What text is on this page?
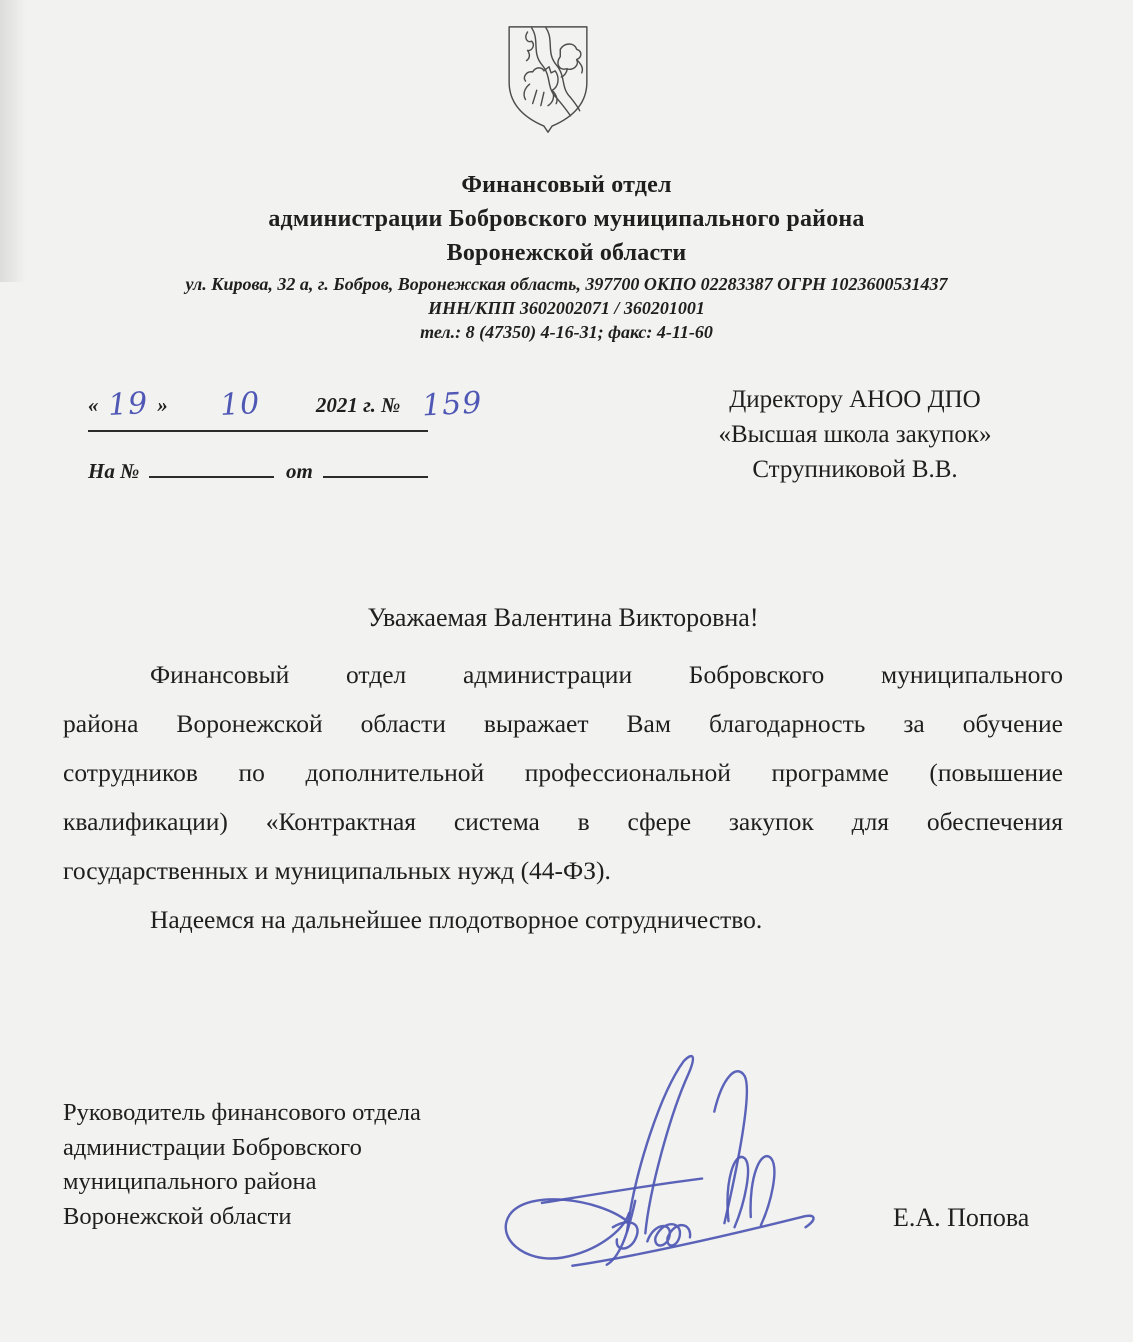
Финансовый отдел
администрации Бобровского муниципального района
Воронежской области
ул. Кирова, 32 а, г. Бобров, Воронежская область, 397700 ОКПО 02283387 ОГРН 1023600531437
ИНН/КПП 3602002071 / 360201001
тел.: 8 (47350) 4-16-31; факс: 4-11-60
« 19 » 10	2021 г. № 159
На №	от
Директору АНОО ДПО
«Высшая школа закупок»
Струпниковой В.В.
Уважаемая Валентина Викторовна!
Финансовый отдел администрации Бобровского муниципального
района Воронежской области выражает Вам благодарность за обучение
сотрудников по дополнительной профессиональной программе (повышение
квалификации) «Контрактная система в сфере закупок для обеспечения
государственных и муниципальных нужд (44-ФЗ).
Надеемся на дальнейшее плодотворное сотрудничество.
Руководитель финансового отдела
администрации Бобровского
муниципального района
Воронежской области	Е.А. Попова
